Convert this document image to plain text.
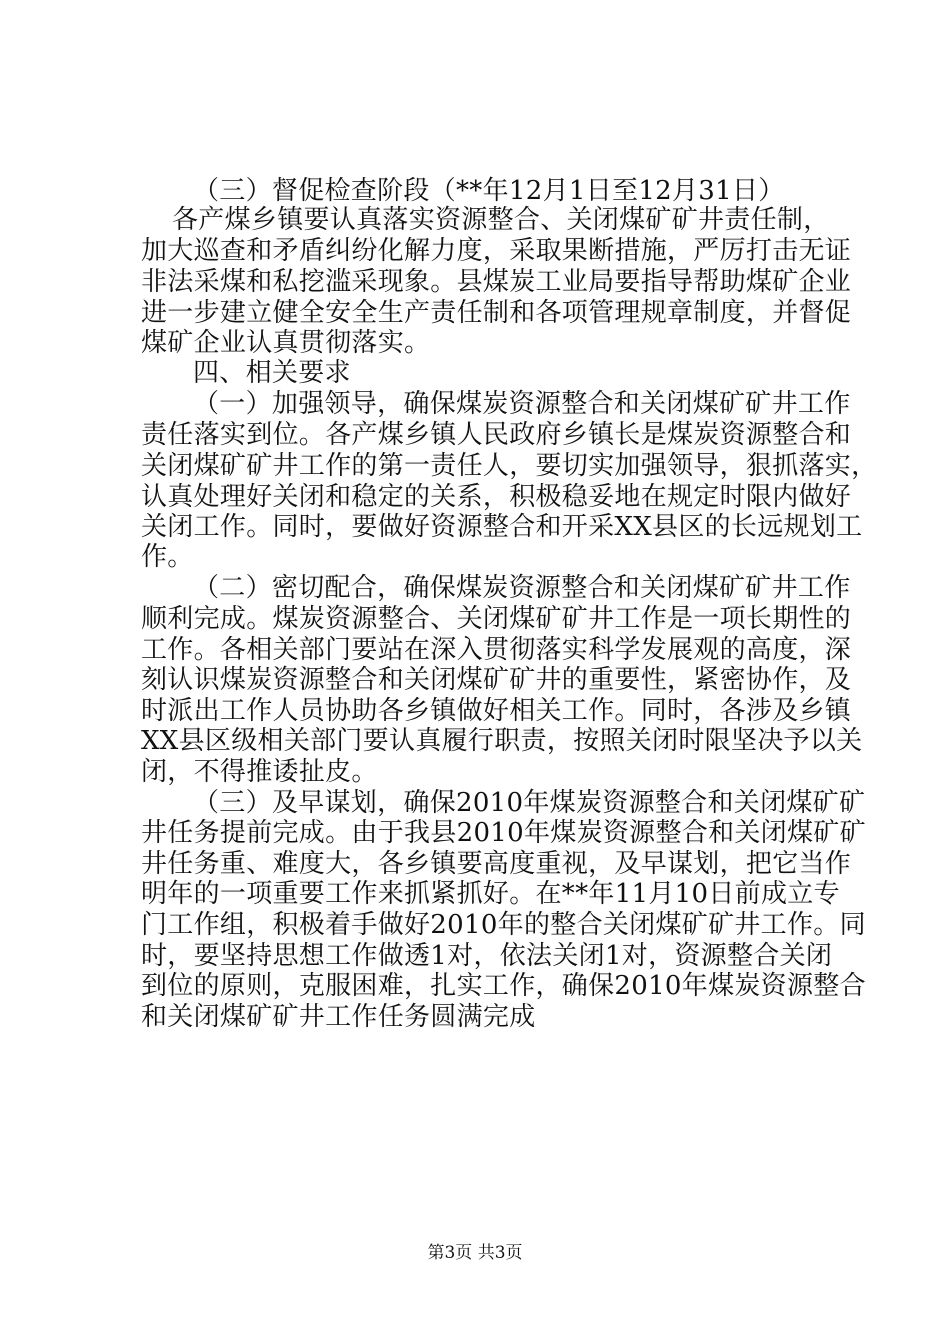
（三）督促检查阶段（**年12月1日至12月31日）
各产煤乡镇要认真落实资源整合、关闭煤矿矿井责任制，
加大巡查和矛盾纠纷化解力度，采取果断措施，严厉打击无证
非法采煤和私挖滥采现象。县煤炭工业局要指导帮助煤矿企业
进一步建立健全安全生产责任制和各项管理规章制度，并督促
煤矿企业认真贯彻落实。
四、相关要求
（一）加强领导，确保煤炭资源整合和关闭煤矿矿井工作
责任落实到位。各产煤乡镇人民政府乡镇长是煤炭资源整合和
关闭煤矿矿井工作的第一责任人，要切实加强领导，狠抓落实，
认真处理好关闭和稳定的关系，积极稳妥地在规定时限内做好
关闭工作。同时，要做好资源整合和开采XX县区的长远规划工
作。
（二）密切配合，确保煤炭资源整合和关闭煤矿矿井工作
顺利完成。煤炭资源整合、关闭煤矿矿井工作是一项长期性的
工作。各相关部门要站在深入贯彻落实科学发展观的高度，深
刻认识煤炭资源整合和关闭煤矿矿井的重要性，紧密协作，及
时派出工作人员协助各乡镇做好相关工作。同时，各涉及乡镇
XX县区级相关部门要认真履行职责，按照关闭时限坚决予以关
闭，不得推诿扯皮。
（三）及早谋划，确保2010年煤炭资源整合和关闭煤矿矿
井任务提前完成。由于我县2010年煤炭资源整合和关闭煤矿矿
井任务重、难度大，各乡镇要高度重视，及早谋划，把它当作
明年的一项重要工作来抓紧抓好。在**年11月10日前成立专
门工作组，积极着手做好2010年的整合关闭煤矿矿井工作。同
时，要坚持思想工作做透1对，依法关闭1对，资源整合关闭
到位的原则，克服困难，扎实工作，确保2010年煤炭资源整合
和关闭煤矿矿井工作任务圆满完成
第3页 共3页
